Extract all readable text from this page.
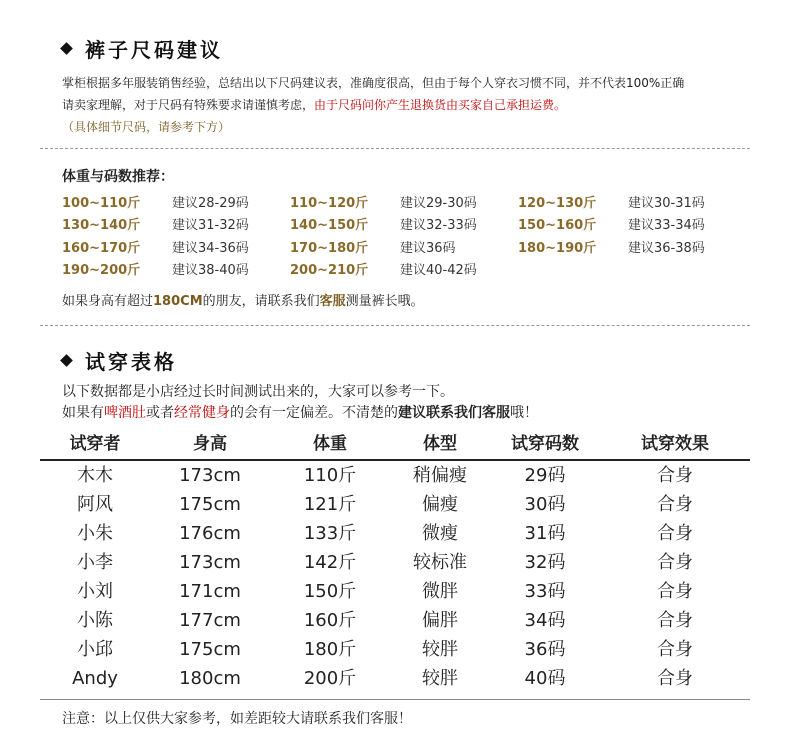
裤子尺码建议
掌柜根据多年服装销售经验，总结出以下尺码建议表，准确度很高，但由于每个人穿衣习惯不同，并不代表100%正确
请卖家理解，对于尺码有特殊要求请谨慎考虑，由于尺码问你产生退换货由买家自己承担运费。
（具体细节尺码，请参考下方）
体重与码数推荐：
100~110斤	建议28-29码	110~120斤	建议29-30码	120~130斤	建议30-31码
130~140斤	建议31-32码	140~150斤	建议32-33码	150~160斤	建议33-34码
160~170斤	建议34-36码	170~180斤	建议36码	180~190斤	建议36-38码
190~200斤	建议38-40码	200~210斤	建议40-42码
如果身高有超过180CM的朋友，请联系我们客服测量裤长哦。
试穿表格
以下数据都是小店经过长时间测试出来的，大家可以参考一下。
如果有啤酒肚或者经常健身的会有一定偏差。不清楚的建议联系我们客服哦！
试穿者	身高	体重	体型	试穿码数	试穿效果
木木	173cm	110斤	稍偏瘦	29码	合身
阿风	175cm	121斤	偏瘦	30码	合身
小朱	176cm	133斤	微瘦	31码	合身
小李	173cm	142斤	较标准	32码	合身
小刘	171cm	150斤	微胖	33码	合身
小陈	177cm	160斤	偏胖	34码	合身
小邱	175cm	180斤	较胖	36码	合身
Andy	180cm	200斤	较胖	40码	合身
注意：以上仅供大家参考，如差距较大请联系我们客服！
